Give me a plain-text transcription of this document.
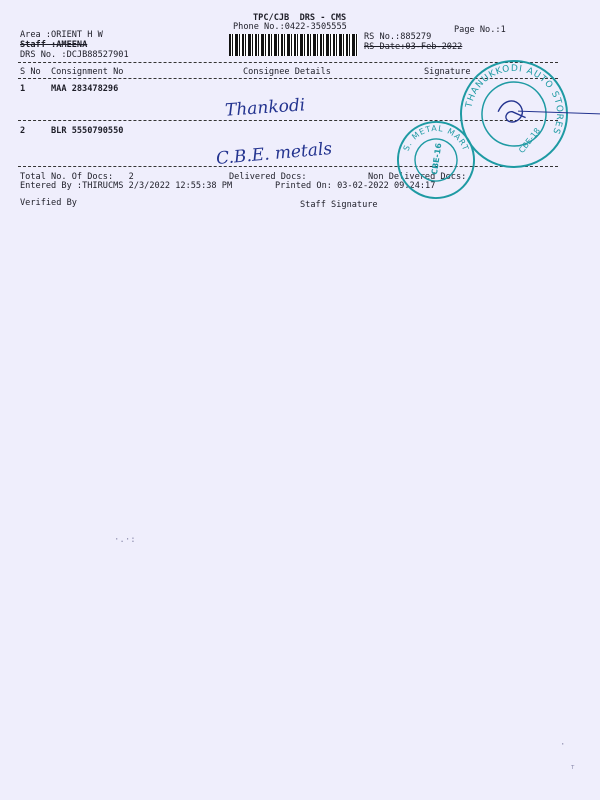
TPC/CJB  DRS - CMS
Phone No.:0422-3505555	Page No.:1
Area :ORIENT H W
Staff :AMEENA
DRS No. :DCJB88527901
RS No.:885279
RS Date:03-Feb-2022
S No Consignment No	Consignee Details	Signature
1	MAA 283478296
Thankodi
2	BLR 5550790550
C.B.E. metals
Total No. Of Docs:   2	Delivered Docs:	Non Delivered Docs:
Entered By :THIRUCMS 2/3/2022 12:55:38 PM	Printed On: 03-02-2022 09:24:17
Verified By	Staff Signature
THANUKKODI AUTO STORES
CBE-18
S. METAL MART
CBE-16
·.·:
·
ᵀ
